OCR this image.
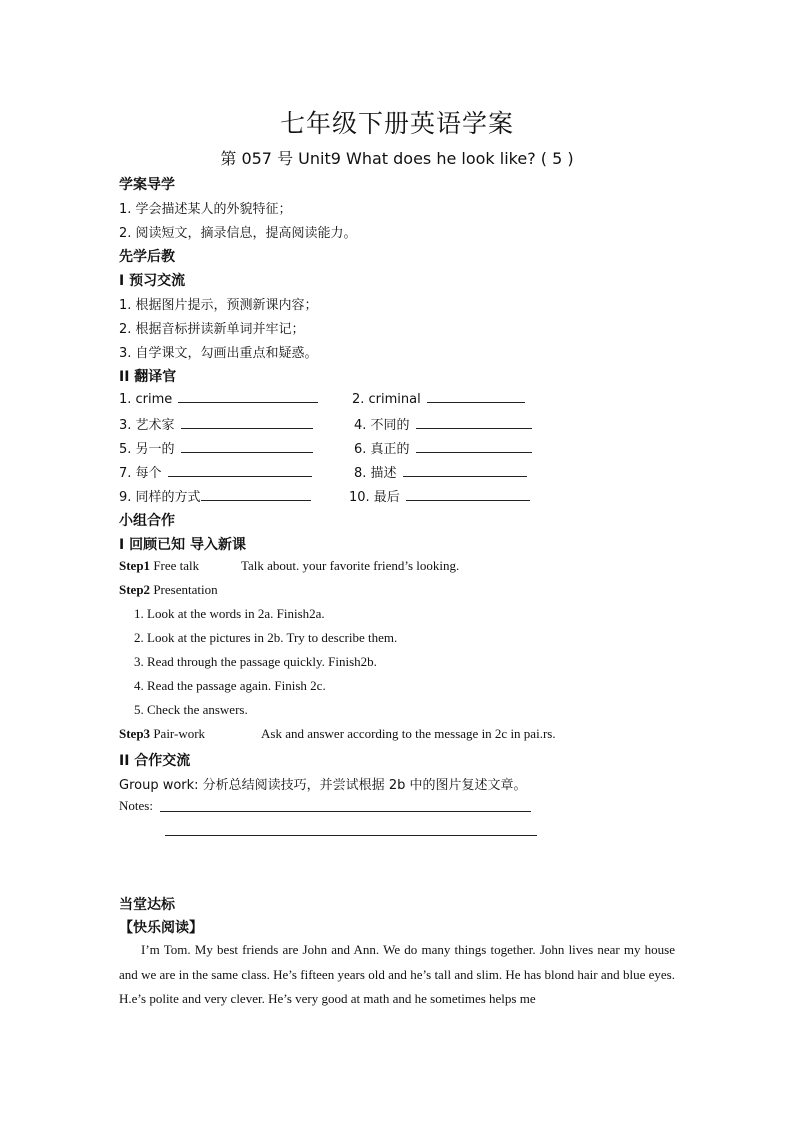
七年级下册英语学案
第 057 号 Unit9 What does he look like? ( 5 )
学案导学
1. 学会描述某人的外貌特征；
2. 阅读短文，摘录信息，提高阅读能力。
先学后教
I 预习交流
1. 根据图片提示，预测新课内容；
2. 根据音标拼读新单词并牢记；
3. 自学课文，勾画出重点和疑惑。
II 翻译官
1. crime	2. criminal
3. 艺术家	4. 不同的
5. 另一的	6. 真正的
7. 每个	8. 描述
9. 同样的方式	10. 最后
小组合作
I 回顾已知 导入新课
Step1 Free talk	Talk about. your favorite friend’s looking.
Step2 Presentation
1. Look at the words in 2a. Finish2a.
2. Look at the pictures in 2b. Try to describe them.
3. Read through the passage quickly. Finish2b.
4. Read the passage again. Finish 2c.
5. Check the answers.
Step3 Pair-work	Ask and answer according to the message in 2c in pai.rs.
II 合作交流
Group work: 分析总结阅读技巧，并尝试根据 2b 中的图片复述文章。
Notes:
当堂达标
【快乐阅读】
I’m Tom. My best friends are John and Ann. We do many things together. John lives near my house and we are in the same class. He’s fifteen years old and he’s tall and slim. He has blond hair and blue eyes. H.e’s polite and very clever. He’s very good at math and he sometimes helps me
